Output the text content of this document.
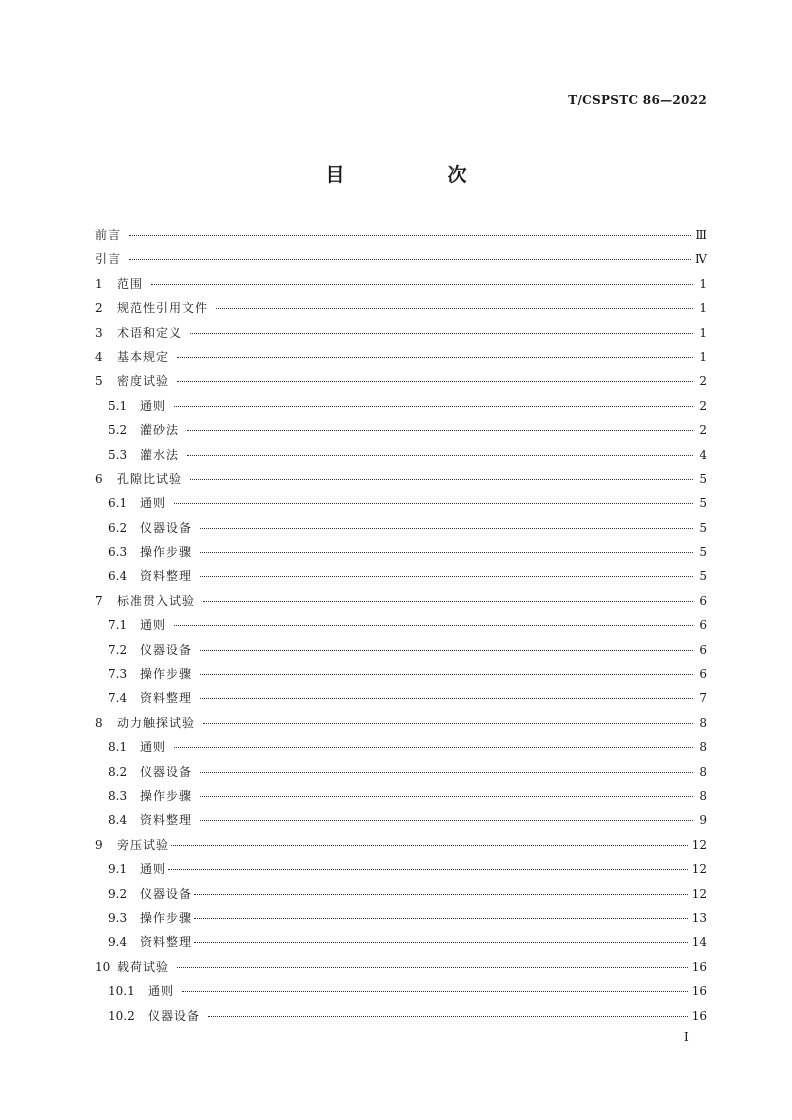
T/CSPSTC 86—2022
目　次
前言	Ⅲ
引言	Ⅳ
1	范围	1
2	规范性引用文件	1
3	术语和定义	1
4	基本规定	1
5	密度试验	2
5.1	通则	2
5.2	灌砂法	2
5.3	灌水法	4
6	孔隙比试验	5
6.1	通则	5
6.2	仪器设备	5
6.3	操作步骤	5
6.4	资料整理	5
7	标准贯入试验	6
7.1	通则	6
7.2	仪器设备	6
7.3	操作步骤	6
7.4	资料整理	7
8	动力触探试验	8
8.1	通则	8
8.2	仪器设备	8
8.3	操作步骤	8
8.4	资料整理	9
9	旁压试验	12
9.1	通则	12
9.2	仪器设备	12
9.3	操作步骤	13
9.4	资料整理	14
10 载荷试验	16
10.1	通则	16
10.2	仪器设备	16
I
